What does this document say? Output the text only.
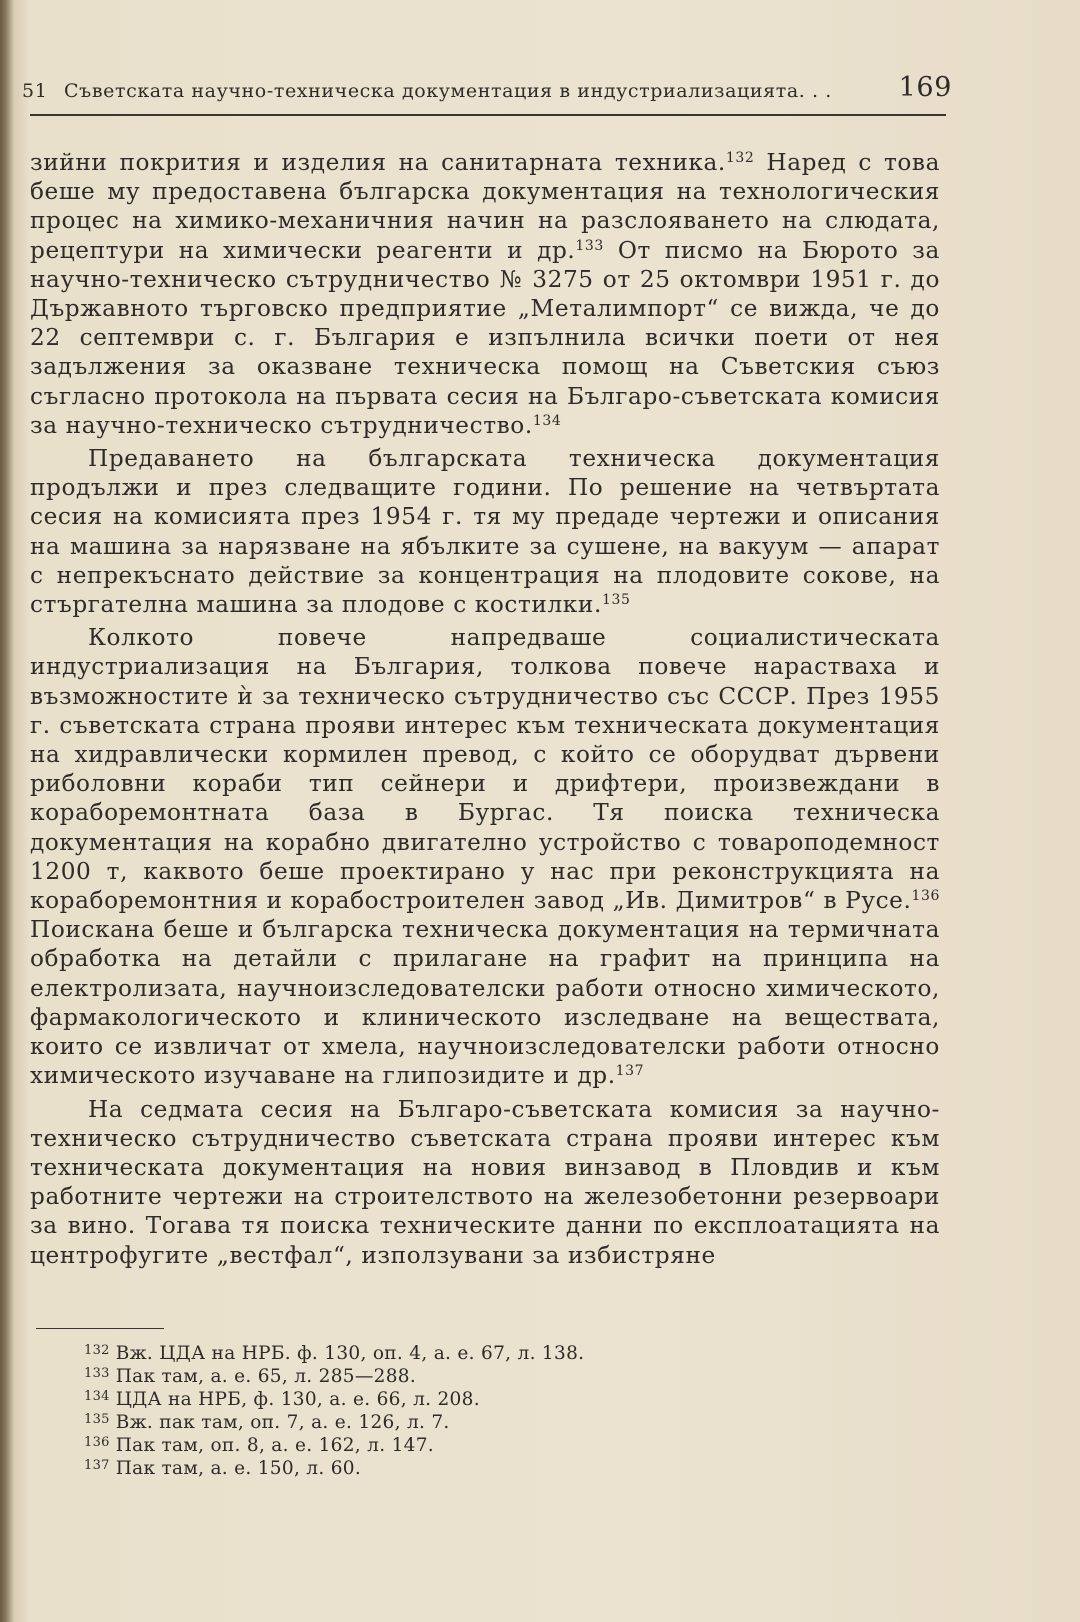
51 Съветската научно-техническа документация в индустриализацията. . . 169

зийни покрития и изделия на санитарната техника.$^{132}$ Наред с това беше му предоставена българска документация на технологическия процес на химико-механичния начин на разслояването на слюдата, рецептури на химически реагенти и др.$^{133}$ От писмо на Бюрото за научно-техническо сътрудничество № 3275 от 25 октомври 1951 г. до Държавното търговско предприятие „Металимпорт“ се вижда, че до 22 септември с. г. България е изпълнила всички поети от нея задължения за оказване техническа помощ на Съветския съюз съгласно протокола на първата сесия на Българо-съветската комисия за научно-техническо сътрудничество.$^{134}$

Предаването на българската техническа документация продължи и през следващите години. По решение на четвъртата сесия на комисията през 1954 г. тя му предаде чертежи и описания на машина за нарязване на ябълките за сушене, на вакуум — апарат с непрекъснато действие за концентрация на плодовите сокове, на стъргателна машина за плодове с костилки.$^{135}$

Колкото повече напредваше социалистическата индустриализация на България, толкова повече нарастваха и възможностите ѝ за техническо сътрудничество със СССР. През 1955 г. съветската страна прояви интерес към техническата документация на хидравлически кормилен превод, с който се оборудват дървени риболовни кораби тип сейнери и дрифтери, произвеждани в кораборемонтната база в Бургас. Тя поиска техническа документация на корабно двигателно устройство с товароподемност 1200 т, каквото беше проектирано у нас при реконструкцията на кораборемонтния и корабостроителен завод „Ив. Димитров“ в Русе.$^{136}$ Поискана беше и българска техническа документация на термичната обработка на детайли с прилагане на графит на принципа на електролизата, научноизследователски работи относно химическото, фармакологическото и клиническото изследване на веществата, които се извличат от хмела, научноизследователски работи относно химическото изучаване на глипозидите и др.$^{137}$

На седмата сесия на Българо-съветската комисия за научно-техническо сътрудничество съветската страна прояви интерес към техническата документация на новия винзавод в Пловдив и към работните чертежи на строителството на железобетонни резервоари за вино. Тогава тя поиска техническите данни по експлоатацията на центрофугите „вестфал“, използувани за избистряне

$^{132}$ Вж. ЦДА на НРБ. ф. 130, оп. 4, а. е. 67, л. 138.
$^{133}$ Пак там, а. е. 65, л. 285—288.
$^{134}$ ЦДА на НРБ, ф. 130, а. е. 66, л. 208.
$^{135}$ Вж. пак там, оп. 7, а. е. 126, л. 7.
$^{136}$ Пак там, оп. 8, а. е. 162, л. 147.
$^{137}$ Пак там, а. е. 150, л. 60.
